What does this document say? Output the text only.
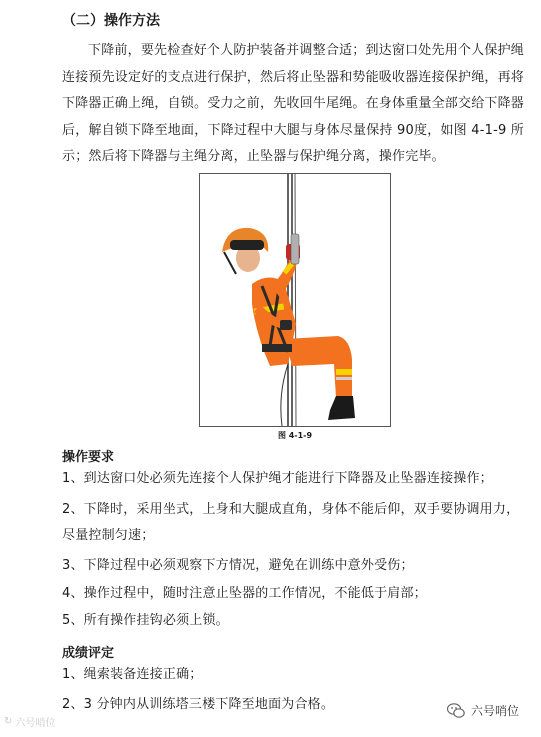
（二）操作方法

下降前，要先检查好个人防护装备并调整合适；到达窗口处先用个人保护绳连接预先设定好的支点进行保护，然后将止坠器和势能吸收器连接保护绳，再将下降器正确上绳，自锁。受力之前，先收回牛尾绳。在身体重量全部交给下降器后，解自锁下降至地面，下降过程中大腿与身体尽量保持 90度，如图 4-1-9 所示；然后将下降器与主绳分离，止坠器与保护绳分离，操作完毕。

图 4-1-9
操作要求

1、到达窗口处必须先连接个人保护绳才能进行下降器及止坠器连接操作；

2、下降时，采用坐式，上身和大腿成直角，身体不能后仰，双手要协调用力，尽量控制匀速；

3、下降过程中必须观察下方情况，避免在训练中意外受伤；

4、操作过程中，随时注意止坠器的工作情况，不能低于肩部；

5、所有操作挂钩必须上锁。

成绩评定

1、绳索装备连接正确；

2、3 分钟内从训练塔三楼下降至地面为合格。

↻ 六号哨位
六号哨位
